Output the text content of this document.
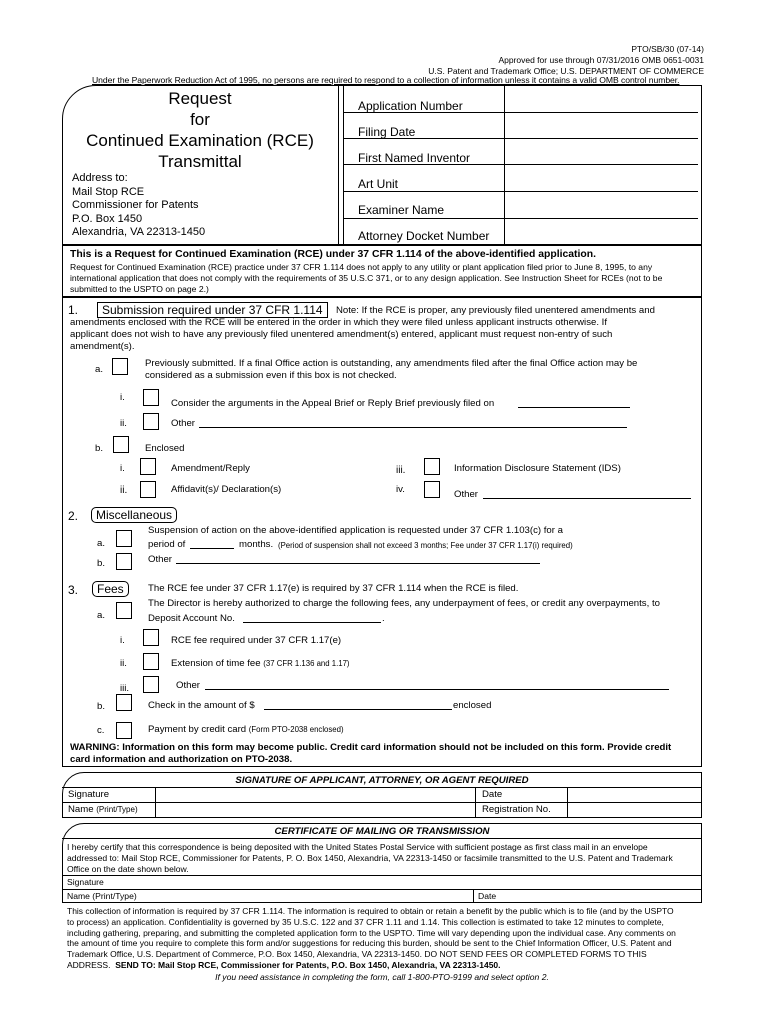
PTO/SB/30 (07-14)
Approved for use through 07/31/2016 OMB 0651-0031
U.S. Patent and Trademark Office; U.S. DEPARTMENT OF COMMERCE
Under the Paperwork Reduction Act of 1995, no persons are required to respond to a collection of information unless it contains a valid OMB control number.
Request
for
Continued Examination (RCE)
Transmittal
Address to:
Mail Stop RCE
Commissioner for Patents
P.O. Box 1450
Alexandria, VA 22313-1450
Application Number
Filing Date
First Named Inventor
Art Unit
Examiner Name
Attorney Docket Number
This is a Request for Continued Examination (RCE) under 37 CFR 1.114 of the above-identified application.
Request for Continued Examination (RCE) practice under 37 CFR 1.114 does not apply to any utility or plant application filed prior to June 8, 1995, to any
international application that does not comply with the requirements of 35 U.S.C 371, or to any design application. See Instruction Sheet for RCEs (not to be
submitted to the USPTO on page 2.)
1.	Submission required under 37 CFR 1.114	Note: If the RCE is proper, any previously filed unentered amendments and
amendments enclosed with the RCE will be entered in the order in which they were filed unless applicant instructs otherwise. If
applicant does not wish to have any previously filed unentered amendment(s) entered, applicant must request non-entry of such
amendment(s).
a.
Previously submitted. If a final Office action is outstanding, any amendments filed after the final Office action may be
considered as a submission even if this box is not checked.
i.
Consider the arguments in the Appeal Brief or Reply Brief previously filed on
ii.	Other
b.	Enclosed
i.	Amendment/Reply	iii.	Information Disclosure Statement (IDS)
ii.	Affidavit(s)/ Declaration(s)	iv.	Other
2.	Miscellaneous
Suspension of action on the above-identified application is requested under 37 CFR 1.103(c) for a
a.	period of	months. (Period of suspension shall not exceed 3 months; Fee under 37 CFR 1.17(i) required)
b.	Other
3.	Fees	The RCE fee under 37 CFR 1.17(e) is required by 37 CFR 1.114 when the RCE is filed.
The Director is hereby authorized to charge the following fees, any underpayment of fees, or credit any overpayments, to
a.	Deposit Account No.	.
i.	RCE fee required under 37 CFR 1.17(e)
ii.	Extension of time fee (37 CFR 1.136 and 1.17)
iii.	Other
b.	Check in the amount of $	enclosed
c.	Payment by credit card (Form PTO-2038 enclosed)
WARNING: Information on this form may become public. Credit card information should not be included on this form. Provide credit
card information and authorization on PTO-2038.
SIGNATURE OF APPLICANT, ATTORNEY, OR AGENT REQUIRED
Signature	Date
Name (Print/Type)	Registration No.
CERTIFICATE OF MAILING OR TRANSMISSION
I hereby certify that this correspondence is being deposited with the United States Postal Service with sufficient postage as first class mail in an envelope
addressed to: Mail Stop RCE, Commissioner for Patents, P. O. Box 1450, Alexandria, VA 22313-1450 or facsimile transmitted to the U.S. Patent and Trademark
Office on the date shown below.
Signature
Name (Print/Type)	Date
This collection of information is required by 37 CFR 1.114. The information is required to obtain or retain a benefit by the public which is to file (and by the USPTO
to process) an application. Confidentiality is governed by 35 U.S.C. 122 and 37 CFR 1.11 and 1.14. This collection is estimated to take 12 minutes to complete,
including gathering, preparing, and submitting the completed application form to the USPTO. Time will vary depending upon the individual case. Any comments on
the amount of time you require to complete this form and/or suggestions for reducing this burden, should be sent to the Chief Information Officer, U.S. Patent and
Trademark Office, U.S. Department of Commerce, P.O. Box 1450, Alexandria, VA 22313-1450. DO NOT SEND FEES OR COMPLETED FORMS TO THIS
ADDRESS. SEND TO: Mail Stop RCE, Commissioner for Patents, P.O. Box 1450, Alexandria, VA 22313-1450.
If you need assistance in completing the form, call 1-800-PTO-9199 and select option 2.
